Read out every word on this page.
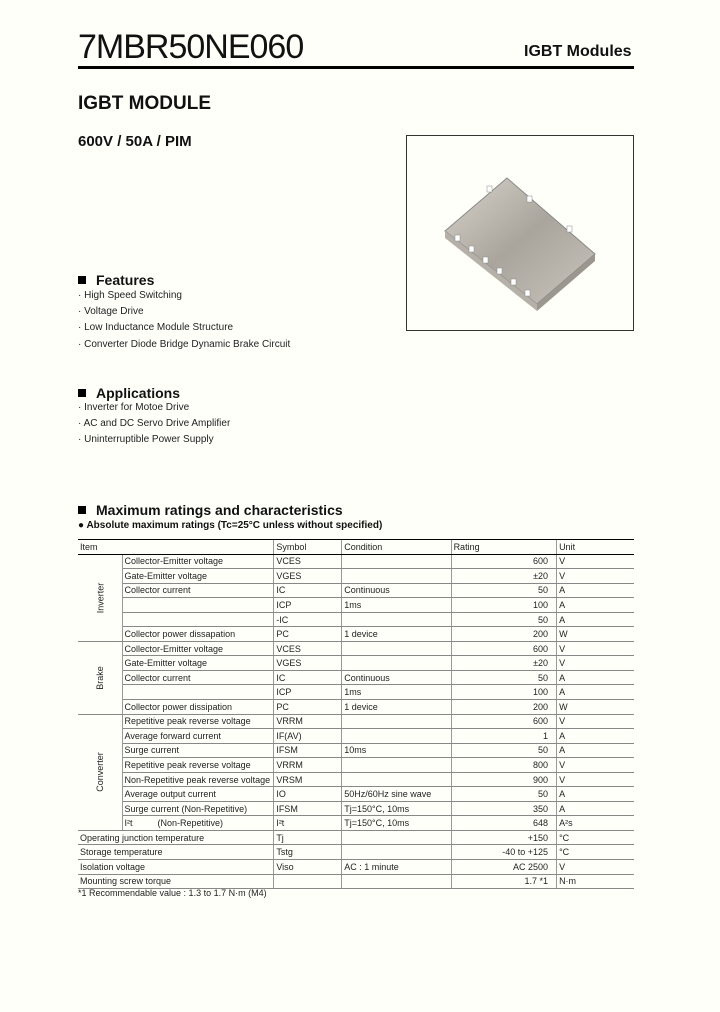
7MBR50NE060	IGBT Modules
IGBT MODULE
600V / 50A / PIM
Features
· High Speed Switching
· Voltage Drive
· Low Inductance Module Structure
· Converter Diode Bridge Dynamic Brake Circuit
Applications
· Inverter for Motoe Drive
· AC and DC Servo Drive Amplifier
· Uninterruptible Power Supply
Maximum ratings and characteristics
● Absolute maximum ratings (Tc=25°C unless without specified)
Item		Symbol	Condition	Rating	Unit
Inverter	Collector-Emitter voltage	VCES		600	V
	Gate-Emitter voltage	VGES		±20	V
	Collector current	IC	Continuous	50	A
		ICP	1ms	100	A
		-IC		50	A
	Collector power dissapation	PC	1 device	200	W
Brake	Collector-Emitter voltage	VCES		600	V
	Gate-Emitter voltage	VGES		±20	V
	Collector current	IC	Continuous	50	A
		ICP	1ms	100	A
	Collector power dissipation	PC	1 device	200	W
Converter	Repetitive peak reverse voltage	VRRM		600	V
	Average forward current	IF(AV)		1	A
	Surge current	IFSM	10ms	50	A
	Repetitive peak reverse voltage	VRRM		800	V
	Non-Repetitive peak reverse voltage	VRSM		900	V
	Average output current	IO	50Hz/60Hz sine wave	50	A
	Surge current (Non-Repetitive)	IFSM	Tj=150°C, 10ms	350	A
	I²t          (Non-Repetitive)	I²t	Tj=150°C, 10ms	648	A²s
Operating junction temperature		Tj		+150	°C
Storage temperature		Tstg		-40 to +125	°C
Isolation voltage		Viso	AC : 1 minute	AC 2500	V
Mounting screw torque				1.7 *1	N·m
*1 Recommendable value : 1.3 to 1.7 N·m (M4)
